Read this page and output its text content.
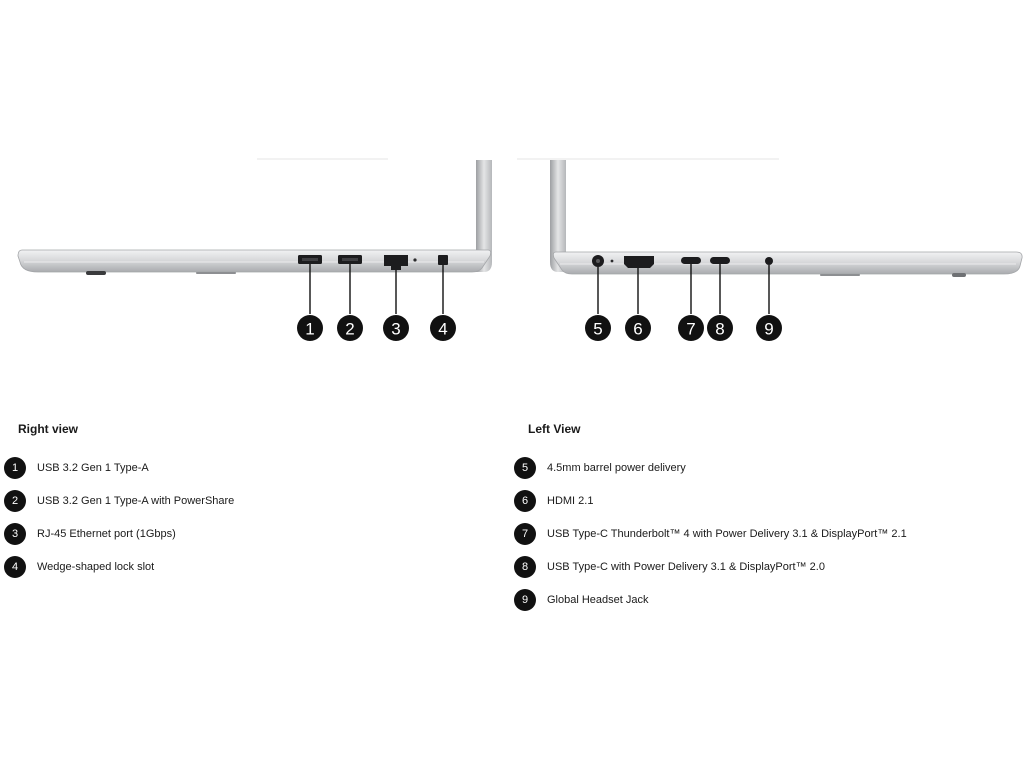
1 2 3 4	5 6	7 8 9
Right view
1	USB 3.2 Gen 1 Type-A
2	USB 3.2 Gen 1 Type-A with PowerShare
3	RJ-45 Ethernet port (1Gbps)
4	Wedge-shaped lock slot
Left View
5	4.5mm barrel power delivery
6	HDMI 2.1
7	USB Type-C Thunderbolt™ 4 with Power Delivery 3.1 & DisplayPort™ 2.1
8	USB Type-C with Power Delivery 3.1 & DisplayPort™ 2.0
9	Global Headset Jack
